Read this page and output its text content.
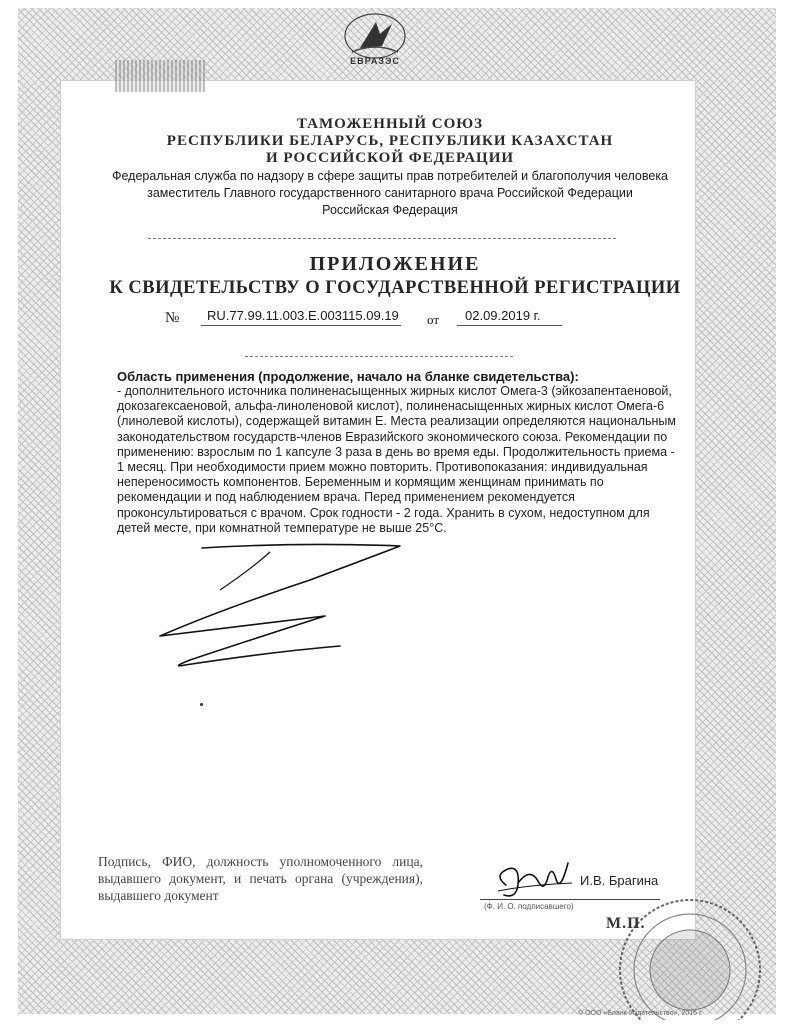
ЕВРАЗЭС
ТАМОЖЕННЫЙ СОЮЗ
РЕСПУБЛИКИ БЕЛАРУСЬ, РЕСПУБЛИКИ КАЗАХСТАН
И РОССИЙСКОЙ ФЕДЕРАЦИИ
Федеральная служба по надзору в сфере защиты прав потребителей и благополучия человека
заместитель Главного государственного санитарного врача Российской Федерации
Российская Федерация
ПРИЛОЖЕНИЕ
К СВИДЕТЕЛЬСТВУ О ГОСУДАРСТВЕННОЙ РЕГИСТРАЦИИ
№ RU.77.99.11.003.E.003115.09.19 от 02.09.2019 г.
Область применения (продолжение, начало на бланке свидетельства):
- дополнительного источника полиненасыщенных жирных кислот Омега-3 (эйкозапентаеновой, докозагексаеновой, альфа-линоленовой кислот), полиненасыщенных жирных кислот Омега-6 (линолевой кислоты), содержащей витамин Е. Места реализации определяются национальным законодательством государств-членов Евразийского экономического союза. Рекомендации по применению: взрослым по 1 капсуле 3 раза в день во время еды. Продолжительность приема - 1 месяц. При необходимости прием можно повторить. Противопоказания: индивидуальная непереносимость компонентов. Беременным и кормящим женщинам принимать по рекомендации и под наблюдением врача. Перед применением рекомендуется проконсультироваться с врачом. Срок годности - 2 года. Хранить в сухом, недоступном для детей месте, при комнатной температуре не выше 25°С.
Подпись, ФИО, должность уполномоченного лица, выдавшего документ, и печать органа (учреждения), выдавшего документ
И.В. Брагина
(Ф. И. О. подписавшего)
М.П.
© ООО «Бланк-Издательство», 2016 г.
